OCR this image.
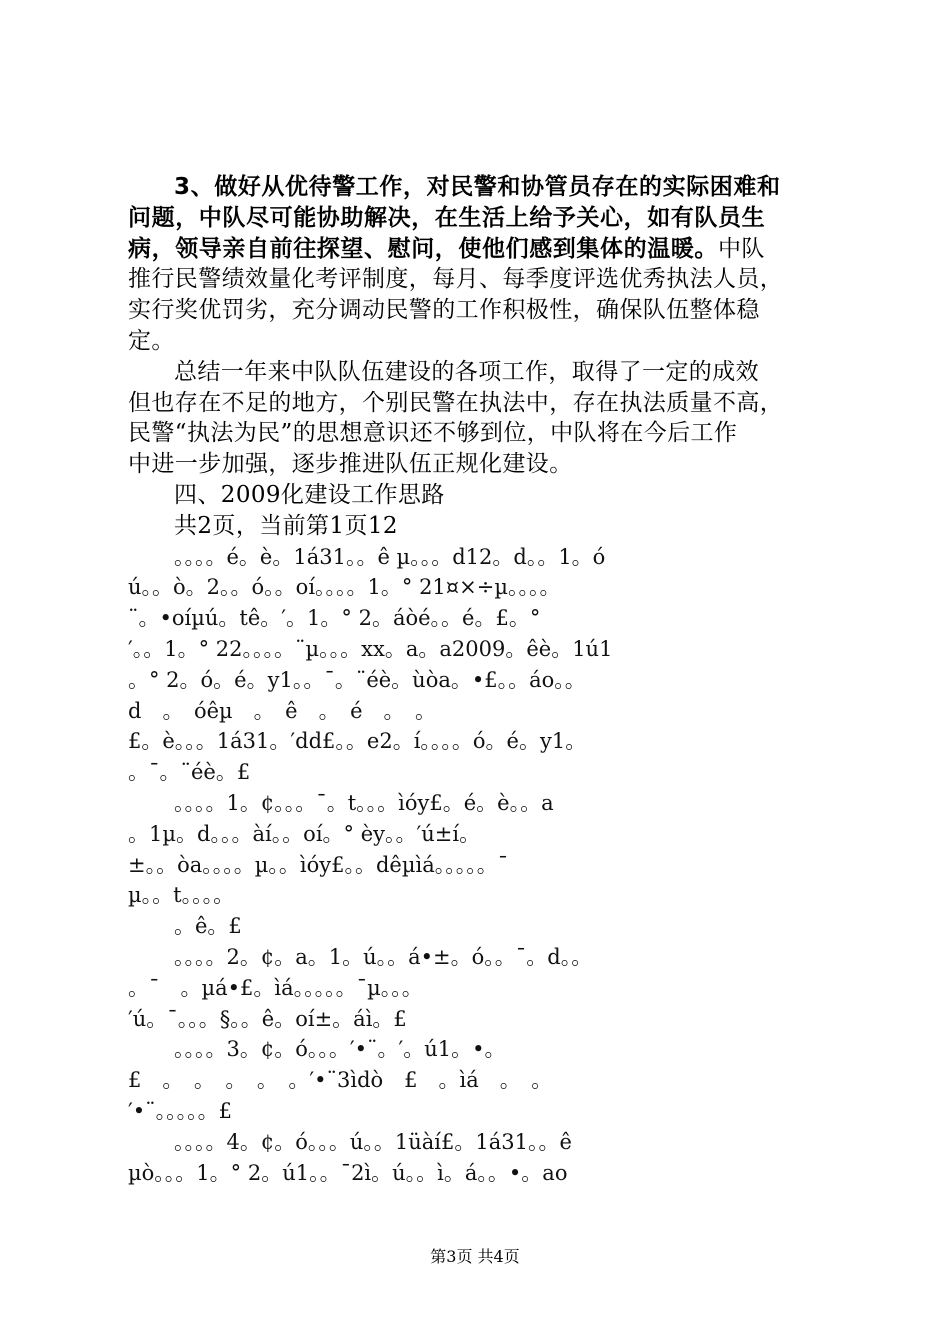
3、做好从优待警工作，对民警和协管员存在的实际困难和
问题，中队尽可能协助解决，在生活上给予关心，如有队员生
病，领导亲自前往探望、慰问，使他们感到集体的温暖。中队
推行民警绩效量化考评制度，每月、每季度评选优秀执法人员，
实行奖优罚劣，充分调动民警的工作积极性，确保队伍整体稳
定。
总结一年来中队队伍建设的各项工作，取得了一定的成效
但也存在不足的地方，个别民警在执法中，存在执法质量不高，
民警“执法为民”的思想意识还不够到位，中队将在今后工作
中进一步加强，逐步推进队伍正规化建设。
四、2009化建设工作思路
共2页，当前第1页12
。。。。é。è。1á31。。ê µ。。。d12。d。。1。ó
ú。。ò。2。。ó。。oí。。。。1。° 21¤×÷µ。。。。
¨。•oíµú。tê。′。1。° 2。áòé。。é。£。°
′。。1。° 22。。。。¨µ。。。xx。a。a2009。êè。1ú1
。° 2。ó。é。y1。。¯。¨éè。ùòa。•£。。áo。。
d　。　óêµ　。　ê　。　é　。　。
£。è。。。1á31。′dd£。。e2。í。。。。ó。é。y1。
。¯。¨éè。£
。。。。1。¢。。。¯。t。。。ìóy£。é。è。。a
。1µ。d。。。àí。。oí。° èy。。′ú±í。
±。。òa。。。。µ。。ìóy£。。dêµìá。。。。。¯
µ。。t。。。。
。ê。£
。。。。2。¢。a。1。ú。。á•±。ó。。¯。d。。
。¯　。µá•£。ìá。。。。。¯µ。。。
′ú。¯。。。§。。ê。oí±。áì。£
。。。。3。¢。ó。。。′•¨。′。ú1。•。
£　。　。　。　。　。′•¨3ìdò　£　。ìá　。　。
′•¨。。。。。£
。。。。4。¢。ó。。。ú。。1üàí£。1á31。。ê
µò。。。1。° 2。ú1。。¯2ì。ú。。ì。á。。•。ao
第3页 共4页
